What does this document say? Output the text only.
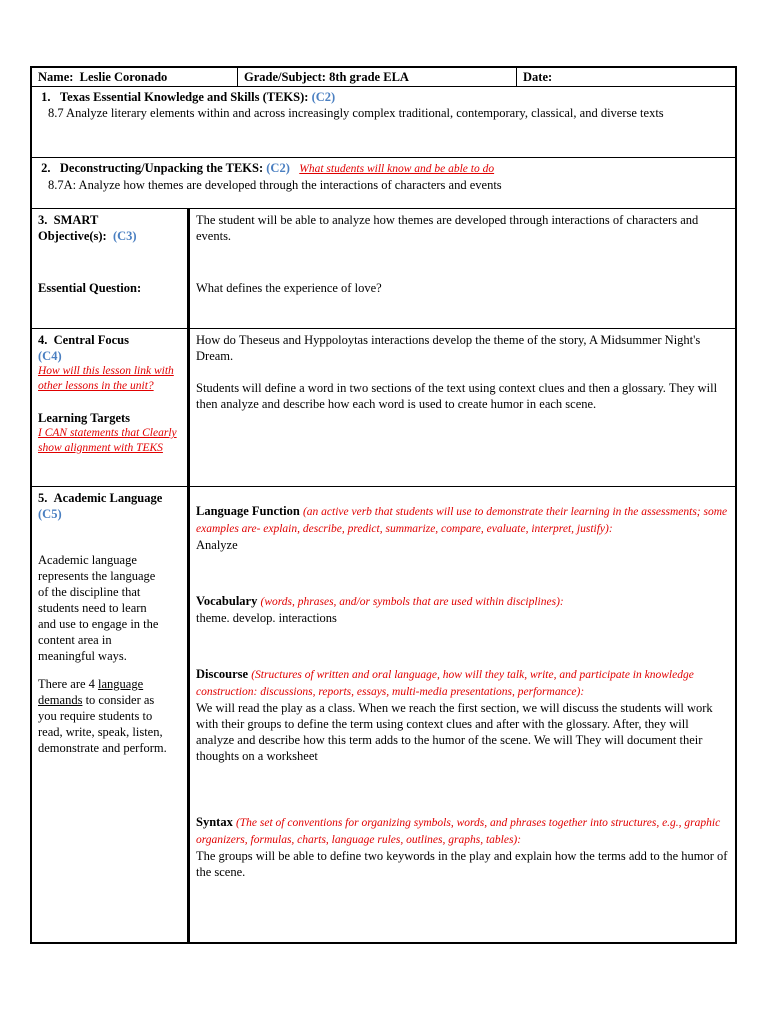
Name: Leslie Coronado	Grade/Subject: 8th grade ELA	Date:

1. Texas Essential Knowledge and Skills (TEKS): (C2)

8.7 Analyze literary elements within and across increasingly complex traditional, contemporary, classical, and diverse texts

2. Deconstructing/Unpacking the TEKS: (C2) What students will know and be able to do

8.7A: Analyze how themes are developed through the interactions of characters and events

3. SMART

Objective(s): (C3)

Essential Question:

The student will be able to analyze how themes are developed through interactions of characters and events.

What defines the experience of love?

4. Central Focus

(C4)

How will this lesson link with other lessons in the unit?

Learning Targets

I CAN statements that Clearly show alignment with TEKS

How do Theseus and Hyppoloytas interactions develop the theme of the story, A Midsummer Night's Dream.

Students will define a word in two sections of the text using context clues and then a glossary. They will then analyze and describe how each word is used to create humor in each scene.

5. Academic Language

(C5)

Academic language represents the language of the discipline that students need to learn and use to engage in the content area in meaningful ways.

There are 4 language demands to consider as you require students to read, write, speak, listen, demonstrate and perform.

Language Function (an active verb that students will use to demonstrate their learning in the assessments; some examples are- explain, describe, predict, summarize, compare, evaluate, interpret, justify):

Analyze

Vocabulary (words, phrases, and/or symbols that are used within disciplines):

theme. develop. interactions

Discourse (Structures of written and oral language, how will they talk, write, and participate in knowledge construction: discussions, reports, essays, multi-media presentations, performance):

We will read the play as a class. When we reach the first section, we will discuss the students will work with their groups to define the term using context clues and after with the glossary. After, they will analyze and describe how this term adds to the humor of the scene. We will They will document their thoughts on a worksheet

Syntax (The set of conventions for organizing symbols, words, and phrases together into structures, e.g., graphic organizers, formulas, charts, language rules, outlines, graphs, tables):

The groups will be able to define two keywords in the play and explain how the terms add to the humor of the scene.
